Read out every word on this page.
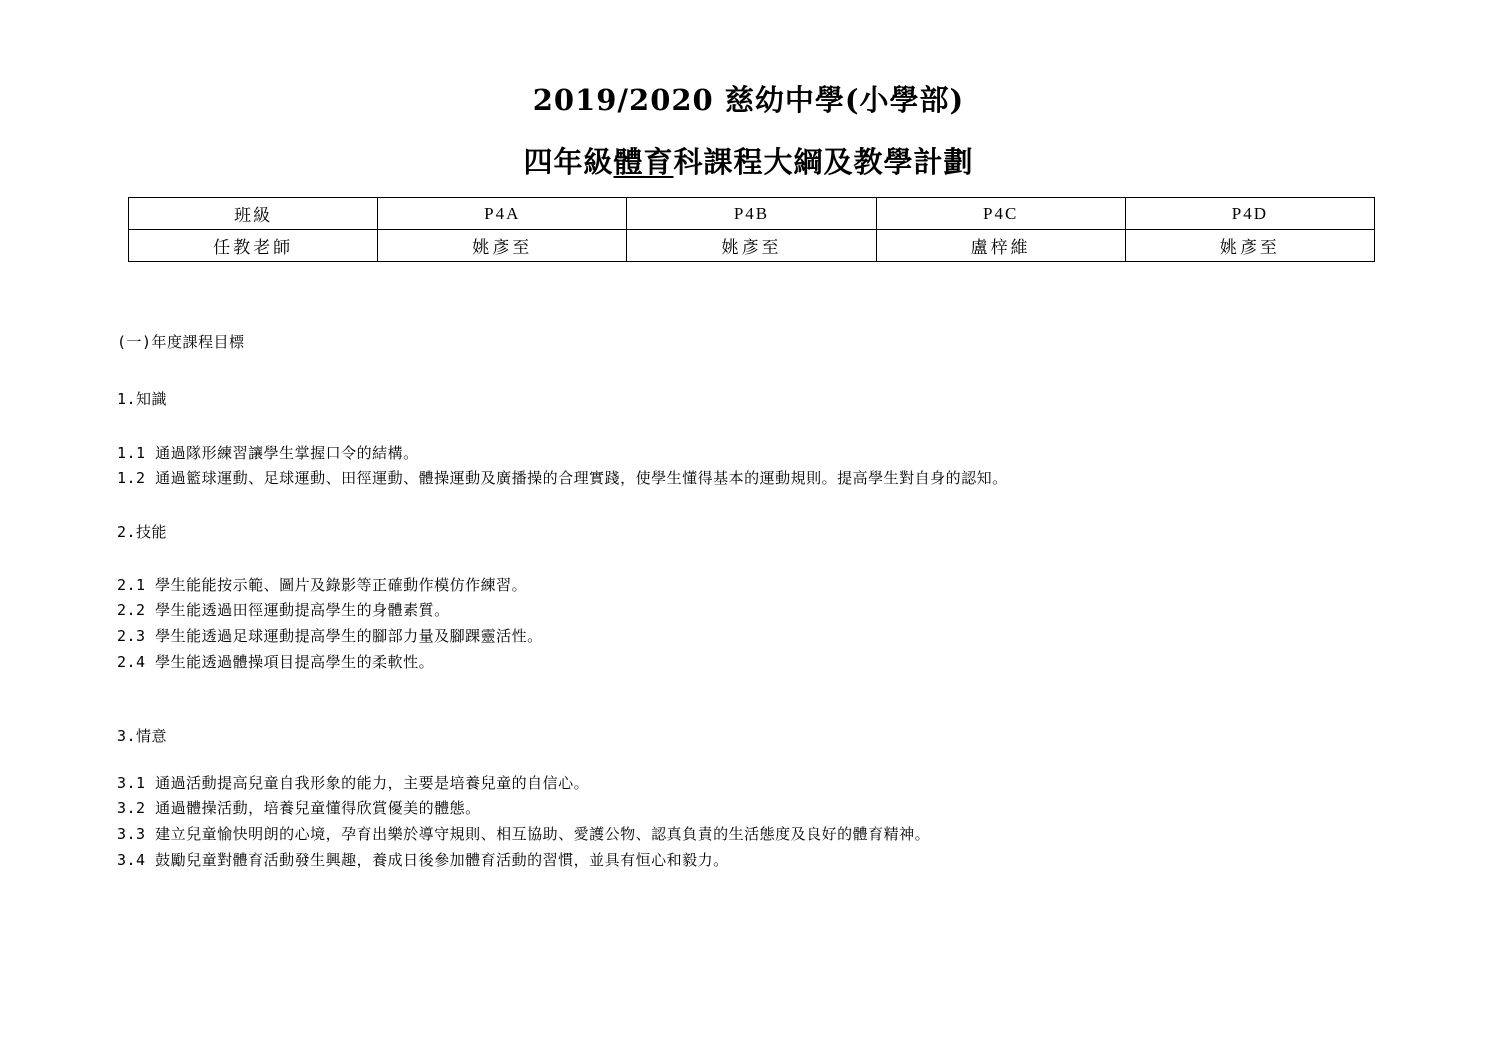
2019/2020 慈幼中學(小學部)
四年級體育科課程大綱及教學計劃
班級	P4A	P4B	P4C	P4D
任教老師	姚彥至	姚彥至	盧梓維	姚彥至
(一)年度課程目標
1.知識
1.1 通過隊形練習讓學生掌握口令的結構。
1.2 通過籃球運動、足球運動、田徑運動、體操運動及廣播操的合理實踐，使學生懂得基本的運動規則。提高學生對自身的認知。
2.技能
2.1 學生能能按示範、圖片及錄影等正確動作模仿作練習。
2.2 學生能透過田徑運動提高學生的身體素質。
2.3 學生能透過足球運動提高學生的腳部力量及腳踝靈活性。
2.4 學生能透過體操項目提高學生的柔軟性。
3.情意
3.1 通過活動提高兒童自我形象的能力，主要是培養兒童的自信心。
3.2 通過體操活動，培養兒童懂得欣賞優美的體態。
3.3 建立兒童愉快明朗的心境，孕育出樂於導守規則、相互協助、愛護公物、認真負責的生活態度及良好的體育精神。
3.4 鼓勵兒童對體育活動發生興趣，養成日後參加體育活動的習慣，並具有恒心和毅力。
